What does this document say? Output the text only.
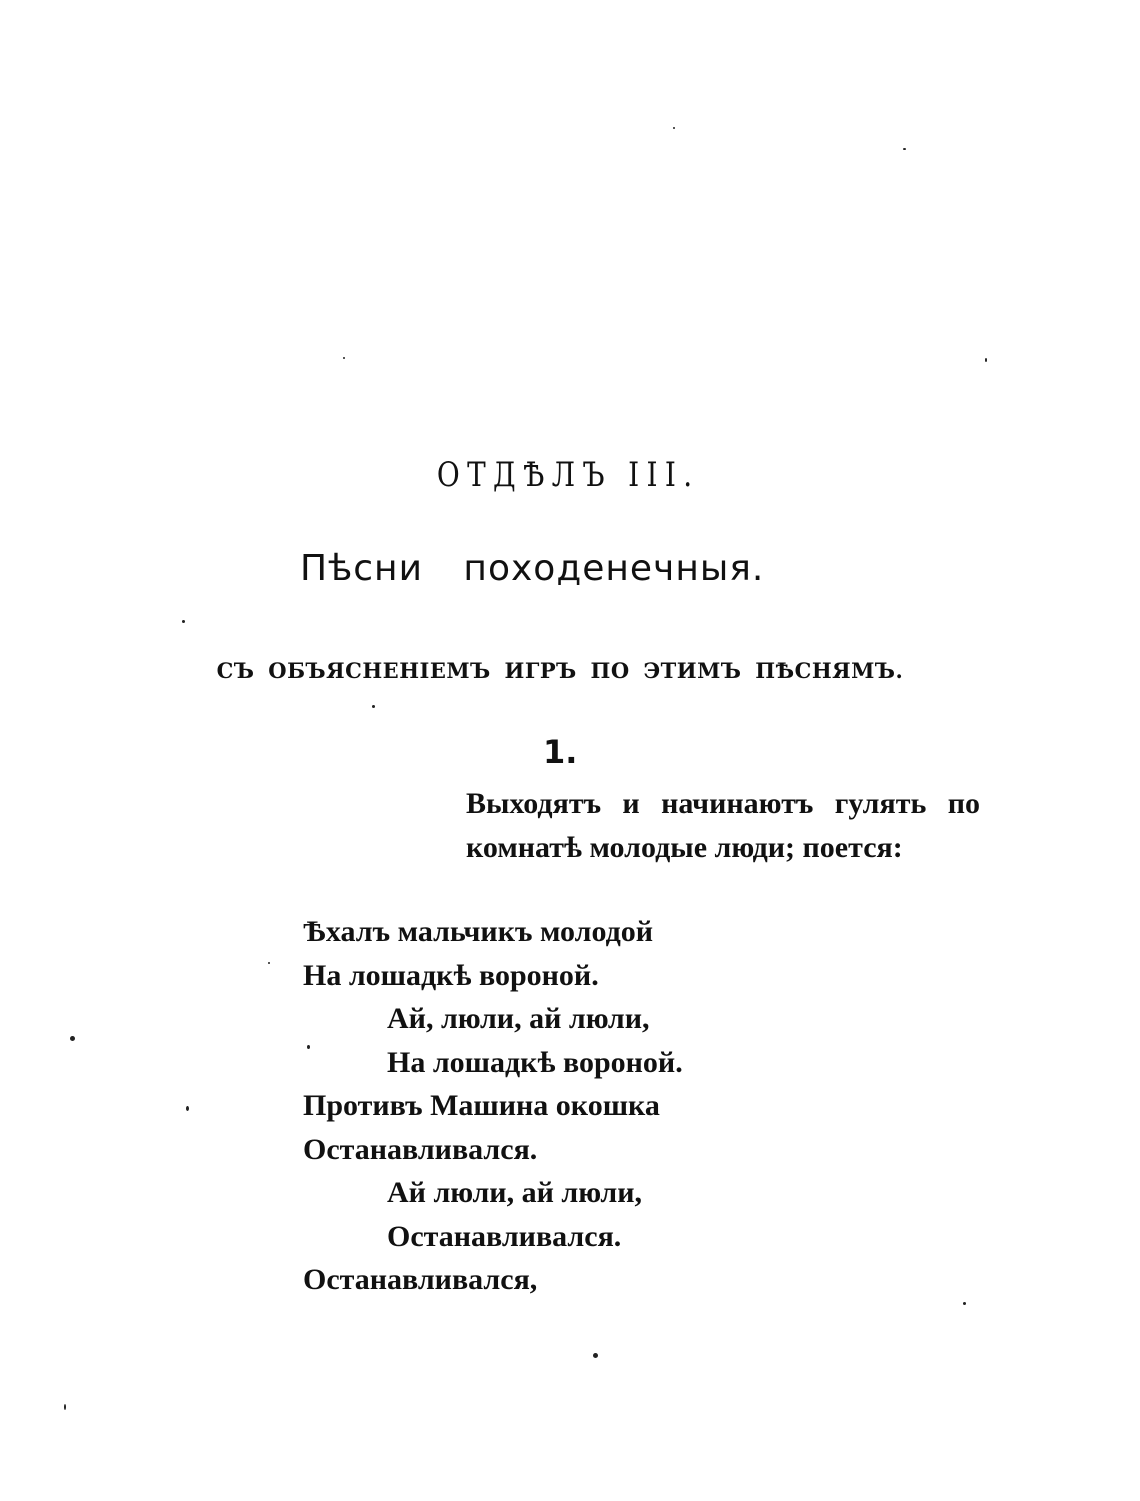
ОТДѢЛЪ III.
Пѣсни походенечныя.
СЪ ОБЪЯСНЕНІЕМЪ ИГРЪ ПО ЭТИМЪ ПѢСНЯМЪ.
1.
Выходятъ и начинаютъ гулять по комнатѣ молодые люди; поется:
Ѣхалъ мальчикъ молодой
На лошадкѣ вороной.
Ай, люли, ай люли,
На лошадкѣ вороной.
Противъ Машина окошка
Останавливался.
Ай люли, ай люли,
Останавливался.
Останавливался,
